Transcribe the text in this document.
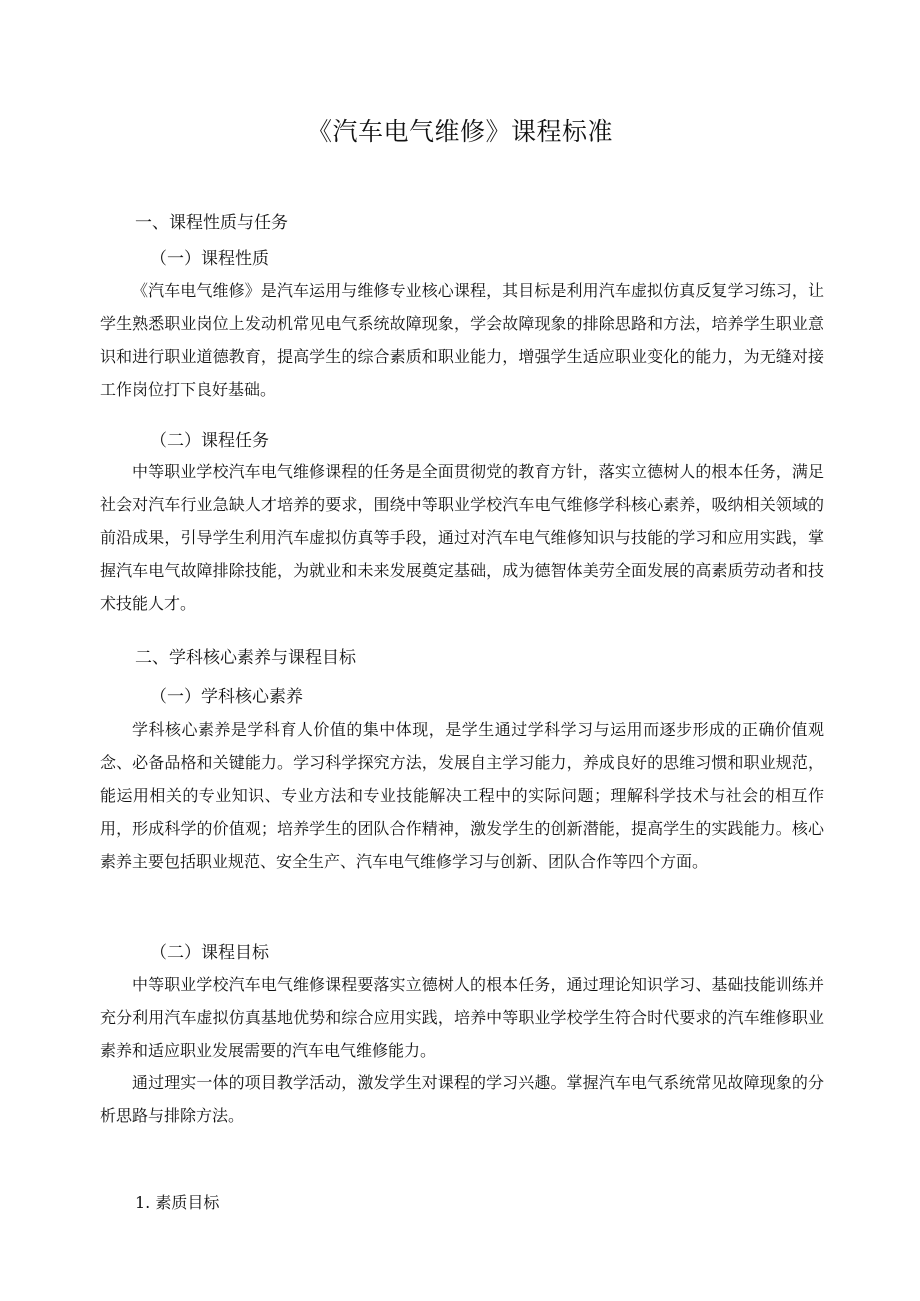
《汽车电气维修》课程标准
一、课程性质与任务
（一）课程性质

《汽车电气维修》是汽车运用与维修专业核心课程，其目标是利用汽车虚拟仿真反复学习练习，让学生熟悉职业岗位上发动机常见电气系统故障现象，学会故障现象的排除思路和方法，培养学生职业意识和进行职业道德教育，提高学生的综合素质和职业能力，增强学生适应职业变化的能力，为无缝对接工作岗位打下良好基础。

（二）课程任务

中等职业学校汽车电气维修课程的任务是全面贯彻党的教育方针，落实立德树人的根本任务，满足社会对汽车行业急缺人才培养的要求，围绕中等职业学校汽车电气维修学科核心素养，吸纳相关领域的前沿成果，引导学生利用汽车虚拟仿真等手段，通过对汽车电气维修知识与技能的学习和应用实践，掌握汽车电气故障排除技能，为就业和未来发展奠定基础，成为德智体美劳全面发展的高素质劳动者和技术技能人才。

二、学科核心素养与课程目标
（一）学科核心素养

学科核心素养是学科育人价值的集中体现，是学生通过学科学习与运用而逐步形成的正确价值观念、必备品格和关键能力。学习科学探究方法，发展自主学习能力，养成良好的思维习惯和职业规范，能运用相关的专业知识、专业方法和专业技能解决工程中的实际问题；理解科学技术与社会的相互作用，形成科学的价值观；培养学生的团队合作精神，激发学生的创新潜能，提高学生的实践能力。核心素养主要包括职业规范、安全生产、汽车电气维修学习与创新、团队合作等四个方面。

（二）课程目标

中等职业学校汽车电气维修课程要落实立德树人的根本任务，通过理论知识学习、基础技能训练并充分利用汽车虚拟仿真基地优势和综合应用实践，培养中等职业学校学生符合时代要求的汽车维修职业素养和适应职业发展需要的汽车电气维修能力。

通过理实一体的项目教学活动，激发学生对课程的学习兴趣。掌握汽车电气系统常见故障现象的分析思路与排除方法。

1. 素质目标
